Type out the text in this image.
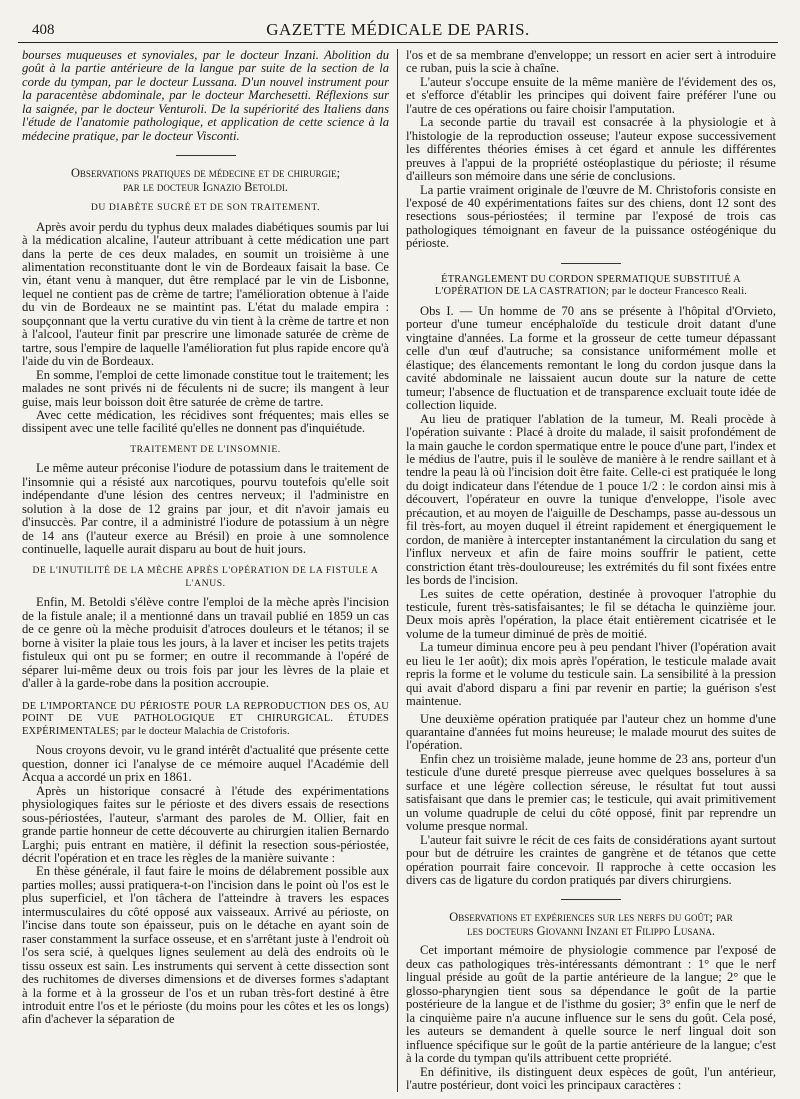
408	GAZETTE MÉDICALE DE PARIS.

bourses muqueuses et synoviales, par le docteur Inzani. Abolition du goût à la partie antérieure de la langue par suite de la section de la corde du tympan, par le docteur Lussana. D'un nouvel instrument pour la paracentèse abdominale, par le docteur Marchesetti. Réflexions sur la saignée, par le docteur Venturoli. De la supériorité des Italiens dans l'étude de l'anatomie pathologique, et application de cette science à la médecine pratique, par le docteur Visconti.

Observations pratiques de médecine et de chirurgie;
par le docteur Ignazio Betoldi.
DU DIABÈTE SUCRÉ ET DE SON TRAITEMENT.

Après avoir perdu du typhus deux malades diabétiques soumis par lui à la médication alcaline, l'auteur attribuant à cette médication une part dans la perte de ces deux malades, en soumit un troisième à une alimentation reconstituante dont le vin de Bordeaux faisait la base. Ce vin, étant venu à manquer, dut être remplacé par le vin de Lisbonne, lequel ne contient pas de crème de tartre; l'amélioration obtenue à l'aide du vin de Bordeaux ne se maintint pas. L'état du malade empira : soupçonnant que la vertu curative du vin tient à la crème de tartre et non à l'alcool, l'auteur finit par prescrire une limonade saturée de crème de tartre, sous l'empire de laquelle l'amélioration fut plus rapide encore qu'à l'aide du vin de Bordeaux.

En somme, l'emploi de cette limonade constitue tout le traitement; les malades ne sont privés ni de féculents ni de sucre; ils mangent à leur guise, mais leur boisson doit être saturée de crème de tartre.

Avec cette médication, les récidives sont fréquentes; mais elles se dissipent avec une telle facilité qu'elles ne donnent pas d'inquiétude.

TRAITEMENT DE L'INSOMNIE.

Le même auteur préconise l'iodure de potassium dans le traitement de l'insomnie qui a résisté aux narcotiques, pourvu toutefois qu'elle soit indépendante d'une lésion des centres nerveux; il l'administre en solution à la dose de 12 grains par jour, et dit n'avoir jamais eu d'insuccès. Par contre, il a administré l'iodure de potassium à un nègre de 14 ans (l'auteur exerce au Brésil) en proie à une somnolence continuelle, laquelle aurait disparu au bout de huit jours.

DE L'INUTILITÉ DE LA MÈCHE APRÈS L'OPÉRATION DE LA FISTULE A L'ANUS.

Enfin, M. Betoldi s'élève contre l'emploi de la mèche après l'incision de la fistule anale; il a mentionné dans un travail publié en 1859 un cas de ce genre où la mèche produisit d'atroces douleurs et le tétanos; il se borne à visiter la plaie tous les jours, à la laver et inciser les petits trajets fistuleux qui ont pu se former; en outre il recommande à l'opéré de séparer lui-même deux ou trois fois par jour les lèvres de la plaie et d'aller à la garde-robe dans la position accroupie.

DE L'IMPORTANCE DU PÉRIOSTE POUR LA REPRODUCTION DES OS, AU POINT DE VUE PATHOLOGIQUE ET CHIRURGICAL. ÉTUDES EXPÉRIMENTALES; par le docteur Malachia de Cristoforis.

Nous croyons devoir, vu le grand intérêt d'actualité que présente cette question, donner ici l'analyse de ce mémoire auquel l'Académie dell Acqua a accordé un prix en 1861.

Après un historique consacré à l'étude des expérimentations physiologiques faites sur le périoste et des divers essais de resections sous-périostées, l'auteur, s'armant des paroles de M. Ollier, fait en grande partie honneur de cette découverte au chirurgien italien Bernardo Larghi; puis entrant en matière, il définit la resection sous-périostée, décrit l'opération et en trace les règles de la manière suivante :

En thèse générale, il faut faire le moins de délabrement possible aux parties molles; aussi pratiquera-t-on l'incision dans le point où l'os est le plus superficiel, et l'on tâchera de l'atteindre à travers les espaces intermusculaires du côté opposé aux vaisseaux. Arrivé au périoste, on l'incise dans toute son épaisseur, puis on le détache en ayant soin de raser constamment la surface osseuse, et en s'arrêtant juste à l'endroit où l'os sera scié, à quelques lignes seulement au delà des endroits où le tissu osseux est sain. Les instruments qui servent à cette dissection sont des ruchitomes de diverses dimensions et de diverses formes s'adaptant à la forme et à la grosseur de l'os et un ruban très-fort destiné à être introduit entre l'os et le périoste (du moins pour les côtes et les os longs) afin d'achever la séparation de

l'os et de sa membrane d'enveloppe; un ressort en acier sert à introduire ce ruban, puis la scie à chaîne.

L'auteur s'occupe ensuite de la même manière de l'évidement des os, et s'efforce d'établir les principes qui doivent faire préférer l'une ou l'autre de ces opérations ou faire choisir l'amputation.

La seconde partie du travail est consacrée à la physiologie et à l'histologie de la reproduction osseuse; l'auteur expose successivement les différentes théories émises à cet égard et annule les différentes preuves à l'appui de la propriété ostéoplastique du périoste; il résume d'ailleurs son mémoire dans une série de conclusions.

La partie vraiment originale de l'œuvre de M. Christoforis consiste en l'exposé de 40 expérimentations faites sur des chiens, dont 12 sont des resections sous-périostées; il termine par l'exposé de trois cas pathologiques témoignant en faveur de la puissance ostéogénique du périoste.

ÉTRANGLEMENT DU CORDON SPERMATIQUE SUBSTITUÉ A L'OPÉRATION DE LA CASTRATION; par le docteur Francesco Reali.

Obs I. — Un homme de 70 ans se présente à l'hôpital d'Orvieto, porteur d'une tumeur encéphaloïde du testicule droit datant d'une vingtaine d'années. La forme et la grosseur de cette tumeur dépassant celle d'un œuf d'autruche; sa consistance uniformément molle et élastique; des élancements remontant le long du cordon jusque dans la cavité abdominale ne laissaient aucun doute sur la nature de cette tumeur; l'absence de fluctuation et de transparence excluait toute idée de collection liquide.

Au lieu de pratiquer l'ablation de la tumeur, M. Reali procède à l'opération suivante : Placé à droite du malade, il saisit profondément de la main gauche le cordon spermatique entre le pouce d'une part, l'index et le médius de l'autre, puis il le soulève de manière à le rendre saillant et à tendre la peau là où l'incision doit être faite. Celle-ci est pratiquée le long du doigt indicateur dans l'étendue de 1 pouce 1/2 : le cordon ainsi mis à découvert, l'opérateur en ouvre la tunique d'enveloppe, l'isole avec précaution, et au moyen de l'aiguille de Deschamps, passe au-dessous un fil très-fort, au moyen duquel il étreint rapidement et énergiquement le cordon, de manière à intercepter instantanément la circulation du sang et l'influx nerveux et afin de faire moins souffrir le patient, cette constriction étant très-douloureuse; les extrémités du fil sont fixées entre les bords de l'incision.

Les suites de cette opération, destinée à provoquer l'atrophie du testicule, furent très-satisfaisantes; le fil se détacha le quinzième jour. Deux mois après l'opération, la place était entièrement cicatrisée et le volume de la tumeur diminué de près de moitié.

La tumeur diminua encore peu à peu pendant l'hiver (l'opération avait eu lieu le 1er août); dix mois après l'opération, le testicule malade avait repris la forme et le volume du testicule sain. La sensibilité à la pression qui avait d'abord disparu a fini par revenir en partie; la guérison s'est maintenue.

Une deuxième opération pratiquée par l'auteur chez un homme d'une quarantaine d'années fut moins heureuse; le malade mourut des suites de l'opération.

Enfin chez un troisième malade, jeune homme de 23 ans, porteur d'un testicule d'une dureté presque pierreuse avec quelques bosselures à sa surface et une légère collection séreuse, le résultat fut tout aussi satisfaisant que dans le premier cas; le testicule, qui avait primitivement un volume quadruple de celui du côté opposé, finit par reprendre un volume presque normal.

L'auteur fait suivre le récit de ces faits de considérations ayant surtout pour but de détruire les craintes de gangrène et de tétanos que cette opération pourrait faire concevoir. Il rapproche à cette occasion les divers cas de ligature du cordon pratiqués par divers chirurgiens.

Observations et expériences sur les nerfs du goût; par
les docteurs Giovanni Inzani et Filippo Lusana.

Cet important mémoire de physiologie commence par l'exposé de deux cas pathologiques très-intéressants démontrant : 1° que le nerf lingual préside au goût de la partie antérieure de la langue; 2° que le glosso-pharyngien tient sous sa dépendance le goût de la partie postérieure de la langue et de l'isthme du gosier; 3° enfin que le nerf de la cinquième paire n'a aucune influence sur le sens du goût. Cela posé, les auteurs se demandent à quelle source le nerf lingual doit son influence spécifique sur le goût de la partie antérieure de la langue; c'est à la corde du tympan qu'ils attribuent cette propriété.

En définitive, ils distinguent deux espèces de goût, l'un antérieur, l'autre postérieur, dont voici les principaux caractères :
